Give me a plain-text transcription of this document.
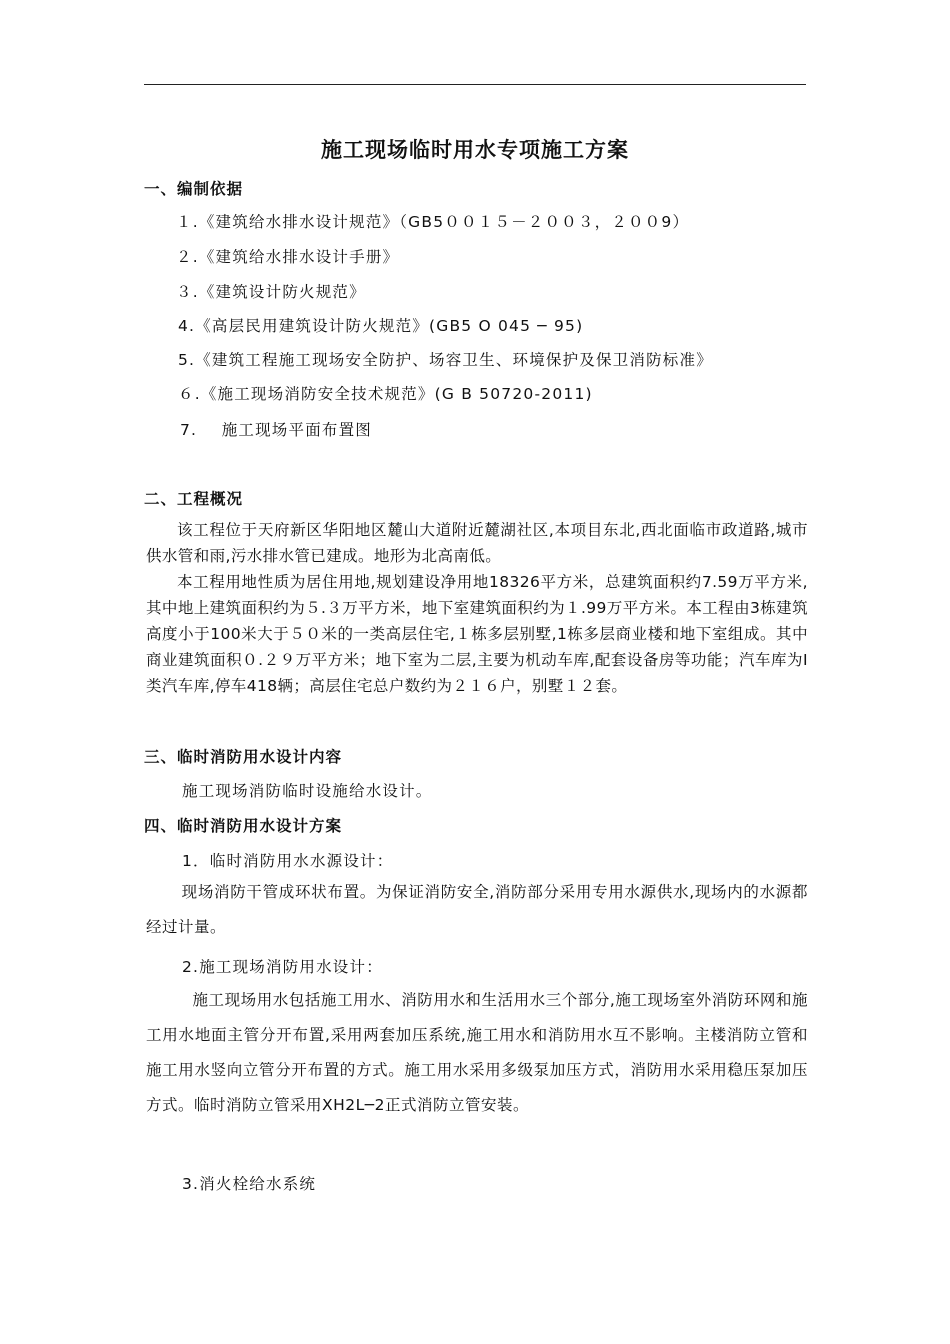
施工现场临时用水专项施工方案
一、编制依据
１.《建筑给水排水设计规范》（GB5００１５－２００３，２００9）
２.《建筑给水排水设计手册》
３.《建筑设计防火规范》
4.《高层民用建筑设计防火规范》(GB5 O 045 ─ 95)
5.《建筑工程施工现场安全防护、场容卫生、环境保护及保卫消防标准》
６.《施工现场消防安全技术规范》(G B 50720-2011)
7.    施工现场平面布置图
二、工程概况

该工程位于天府新区华阳地区麓山大道附近麓湖社区,本项目东北,西北面临市政道路,城市供水管和雨,污水排水管已建成。地形为北高南低。

本工程用地性质为居住用地,规划建设净用地18326平方米，总建筑面积约7.59万平方米,其中地上建筑面积约为５.３万平方米，地下室建筑面积约为１.99万平方米。本工程由3栋建筑高度小于100米大于５０米的一类高层住宅,１栋多层别墅,1栋多层商业楼和地下室组成。其中商业建筑面积０.２９万平方米；地下室为二层,主要为机动车库,配套设备房等功能；汽车库为Ⅰ类汽车库,停车418辆；高层住宅总户数约为２１６户，别墅１２套。

三、临时消防用水设计内容
施工现场消防临时设施给水设计。
四、临时消防用水设计方案
1．临时消防用水水源设计：

现场消防干管成环状布置。为保证消防安全,消防部分采用专用水源供水,现场内的水源都经过计量。

2.施工现场消防用水设计：

施工现场用水包括施工用水、消防用水和生活用水三个部分,施工现场室外消防环网和施工用水地面主管分开布置,采用两套加压系统,施工用水和消防用水互不影响。主楼消防立管和施工用水竖向立管分开布置的方式。施工用水采用多级泵加压方式，消防用水采用稳压泵加压方式。临时消防立管采用XH2L─2正式消防立管安装。

3.消火栓给水系统
